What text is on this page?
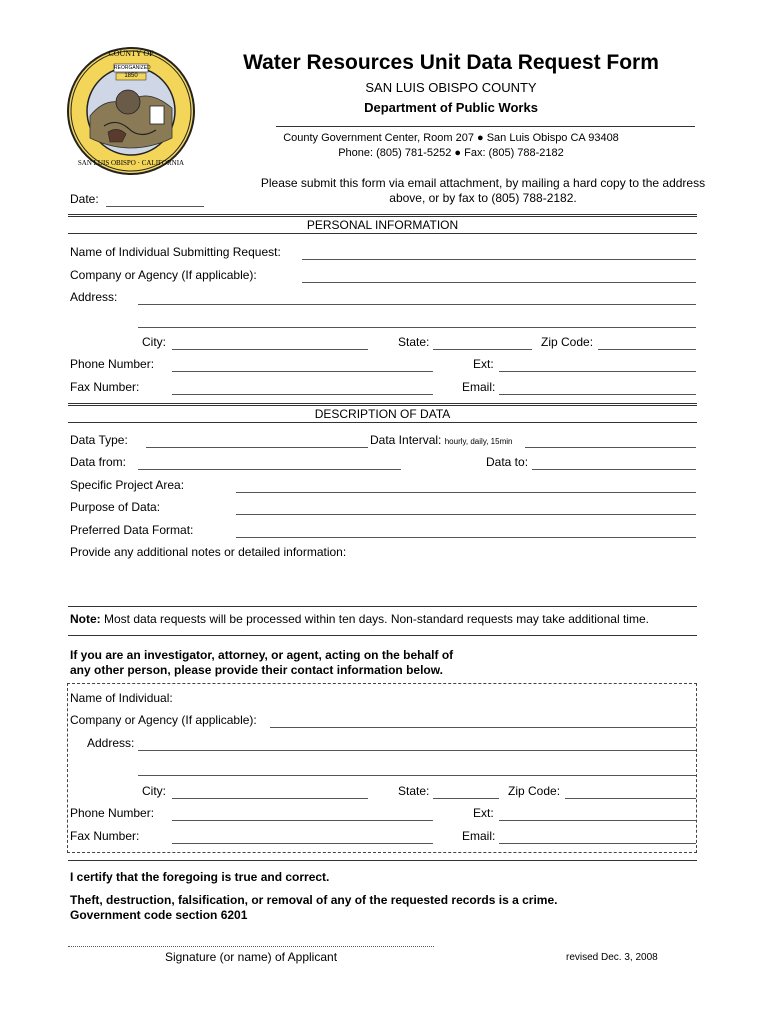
COUNTY OF
REORGANIZED
1850
SAN LUIS OBISPO · CALIFORNIA
Water Resources Unit Data Request Form
SAN LUIS OBISPO COUNTY
Department of Public Works
County Government Center, Room 207 ● San Luis Obispo CA 93408
Phone: (805) 781-5252 ● Fax: (805) 788-2182
Please submit this form via email attachment, by mailing a hard copy to the address
above, or by fax to (805) 788-2182.
Date:
PERSONAL INFORMATION
Name of Individual Submitting Request:
Company or Agency (If applicable):
Address:
City:	State:	Zip Code:
Phone Number:	Ext:
Fax Number:	Email:
DESCRIPTION OF DATA
Data Type:	Data Interval: hourly, daily, 15min
Data from:	Data to:
Specific Project Area:
Purpose of Data:
Preferred Data Format:
Provide any additional notes or detailed information:
Note: Most data requests will be processed within ten days. Non-standard requests may take additional time.
If you are an investigator, attorney, or agent, acting on the behalf of
any other person, please provide their contact information below.
Name of Individual:
Company or Agency (If applicable):
Address:
City:	State:	Zip Code:
Phone Number:	Ext:
Fax Number:	Email:
I certify that the foregoing is true and correct.
Theft, destruction, falsification, or removal of any of the requested records is a crime.
Government code section 6201
Signature (or name) of Applicant	revised Dec. 3, 2008
